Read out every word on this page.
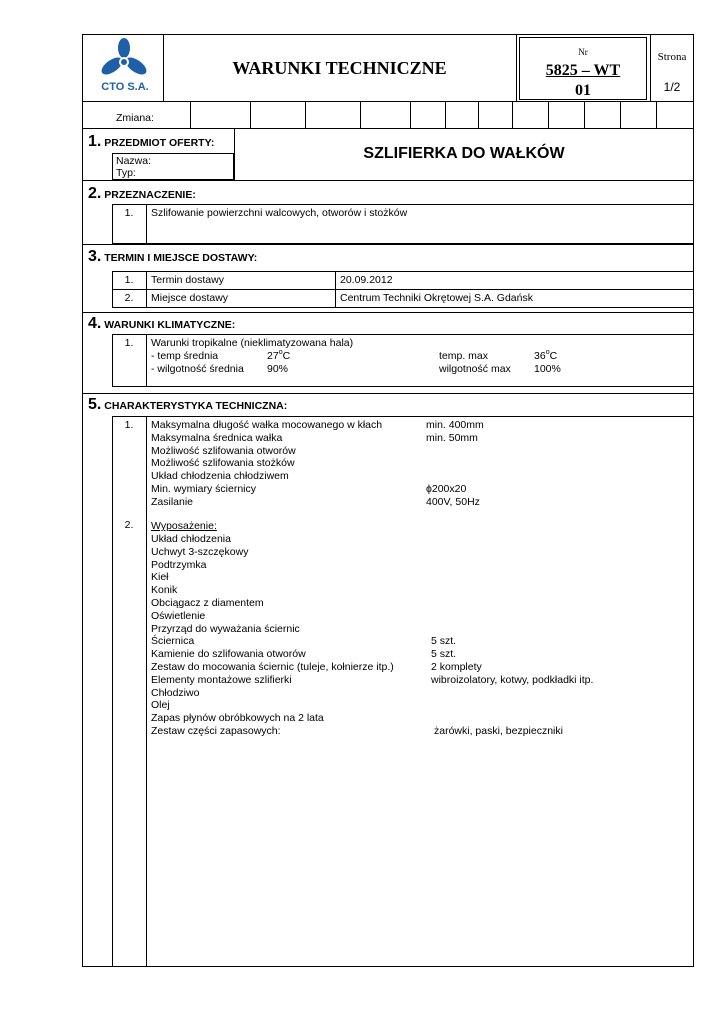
CTO S.A.
WARUNKI TECHNICZNE
Nr
5825 – WT
01
Strona
1/2
Zmiana:
1. PRZEDMIOT OFERTY:
Nazwa:
Typ:
SZLIFIERKA DO WAŁKÓW
2. PRZEZNACZENIE:
1.	Szlifowanie powierzchni walcowych, otworów i stożków
3. TERMIN I MIEJSCE DOSTAWY:
1.	Termin dostawy	20.09.2012
2.	Miejsce dostawy	Centrum Techniki Okrętowej S.A. Gdańsk
4. WARUNKI KLIMATYCZNE:
1.	Warunki tropikalne (nieklimatyzowana hala)
- temp średnia	27$^o$C	temp. max	36$^o$C
- wilgotność średnia 90%	wilgotność max 100%
5. CHARAKTERYSTYKA TECHNICZNA:
1.	Maksymalna długość wałka mocowanego w kłach	min. 400mm
Maksymalna średnica wałka	min. 50mm
Możliwość szlifowania otworów
Możliwość szlifowania stożków
Układ chłodzenia chłodziwem
Min. wymiary ściernicy	ϕ200x20
Zasilanie	400V, 50Hz
2.	Wyposażenie:
Układ chłodzenia
Uchwyt 3-szczękowy
Podtrzymka
Kieł
Konik
Obciągacz z diamentem
Oświetlenie
Przyrząd do wyważania ściernic
Ściernica	5 szt.
Kamienie do szlifowania otworów	5 szt.
Zestaw do mocowania ściernic (tuleje, kołnierze itp.)	2 komplety
Elementy montażowe szlifierki	wibroizolatory, kotwy, podkładki itp.
Chłodziwo
Olej
Zapas płynów obróbkowych na 2 lata
Zestaw części zapasowych:	żarówki, paski, bezpieczniki
